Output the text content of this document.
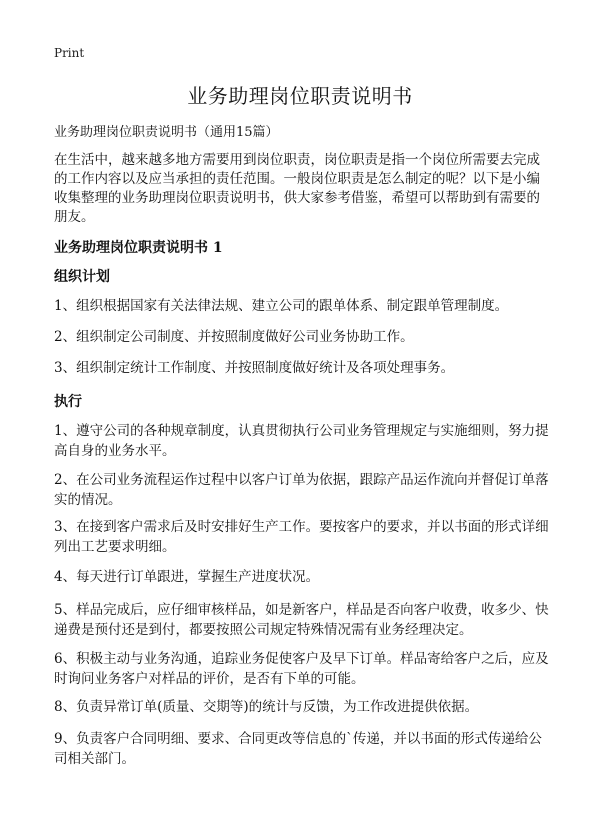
Print
业务助理岗位职责说明书
业务助理岗位职责说明书（通用15篇）
在生活中，越来越多地方需要用到岗位职责，岗位职责是指一个岗位所需要去完成的工作内容以及应当承担的责任范围。一般岗位职责是怎么制定的呢？以下是小编收集整理的业务助理岗位职责说明书，供大家参考借鉴，希望可以帮助到有需要的朋友。
业务助理岗位职责说明书 1
组织计划
1、组织根据国家有关法律法规、建立公司的跟单体系、制定跟单管理制度。
2、组织制定公司制度、并按照制度做好公司业务协助工作。
3、组织制定统计工作制度、并按照制度做好统计及各项处理事务。
执行
1、遵守公司的各种规章制度，认真贯彻执行公司业务管理规定与实施细则，努力提高自身的业务水平。
2、在公司业务流程运作过程中以客户订单为依据，跟踪产品运作流向并督促订单落实的情况。
3、在接到客户需求后及时安排好生产工作。要按客户的要求，并以书面的形式详细列出工艺要求明细。
4、每天进行订单跟进，掌握生产进度状况。
5、样品完成后，应仔细审核样品，如是新客户，样品是否向客户收费，收多少、快递费是预付还是到付，都要按照公司规定特殊情况需有业务经理决定。
6、积极主动与业务沟通，追踪业务促使客户及早下订单。样品寄给客户之后，应及时询问业务客户对样品的评价，是否有下单的可能。
8、负责异常订单(质量、交期等)的统计与反馈，为工作改进提供依据。
9、负责客户合同明细、要求、合同更改等信息的`传递，并以书面的形式传递给公司相关部门。
